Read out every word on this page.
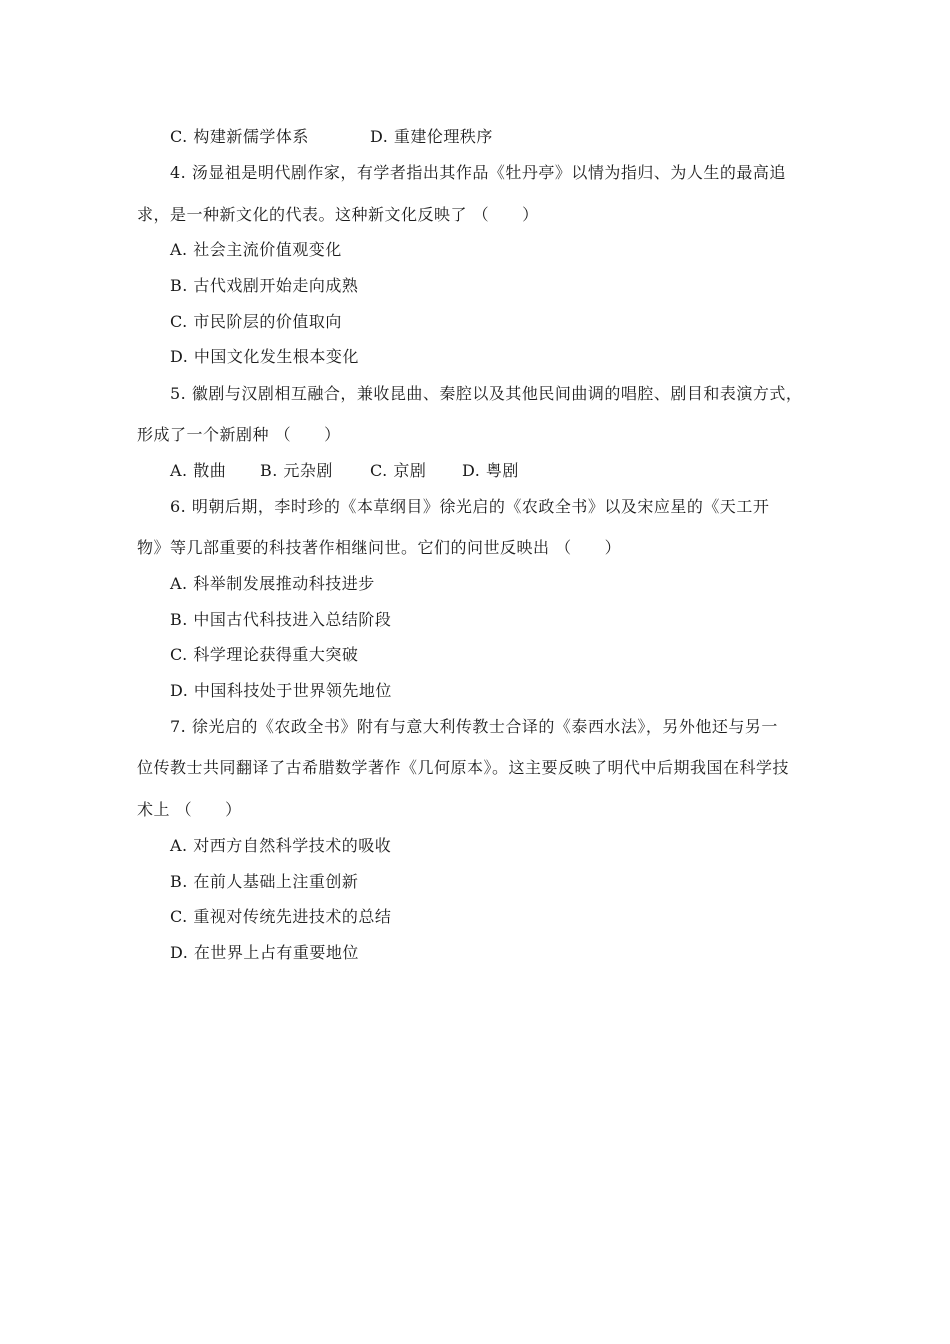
C. 构建新儒学体系	D. 重建伦理秩序
4. 汤显祖是明代剧作家，有学者指出其作品《牡丹亭》以情为指归、为人生的最高追
求，是一种新文化的代表。这种新文化反映了 （　　）
A. 社会主流价值观变化
B. 古代戏剧开始走向成熟
C. 市民阶层的价值取向
D. 中国文化发生根本变化
5. 徽剧与汉剧相互融合，兼收昆曲、秦腔以及其他民间曲调的唱腔、剧目和表演方式，
形成了一个新剧种 （　　）
A. 散曲 B. 元杂剧 C. 京剧 D. 粤剧
6. 明朝后期，李时珍的《本草纲目》徐光启的《农政全书》以及宋应星的《天工开
物》等几部重要的科技著作相继问世。它们的问世反映出 （　　）
A. 科举制发展推动科技进步
B. 中国古代科技进入总结阶段
C. 科学理论获得重大突破
D. 中国科技处于世界领先地位
7. 徐光启的《农政全书》附有与意大利传教士合译的《泰西水法》，另外他还与另一
位传教士共同翻译了古希腊数学著作《几何原本》。这主要反映了明代中后期我国在科学技
术上 （　　）
A. 对西方自然科学技术的吸收
B. 在前人基础上注重创新
C. 重视对传统先进技术的总结
D. 在世界上占有重要地位
